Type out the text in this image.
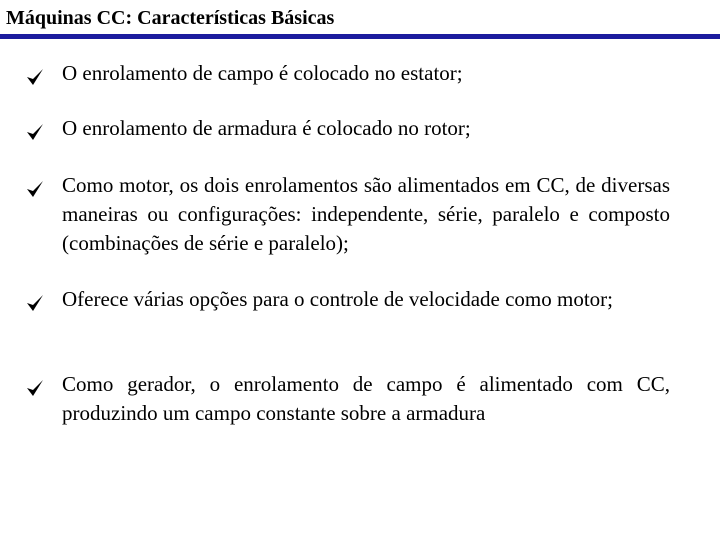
Máquinas CC: Características Básicas
O enrolamento de campo é colocado no estator;
O enrolamento de armadura é colocado no rotor;
Como motor, os dois enrolamentos são alimentados em CC, de diversas maneiras ou configurações: independente, série, paralelo e composto (combinações de série e paralelo);
Oferece várias opções para o controle de velocidade como motor;
Como gerador, o enrolamento de campo é alimentado com CC, produzindo um campo constante sobre a armadura
